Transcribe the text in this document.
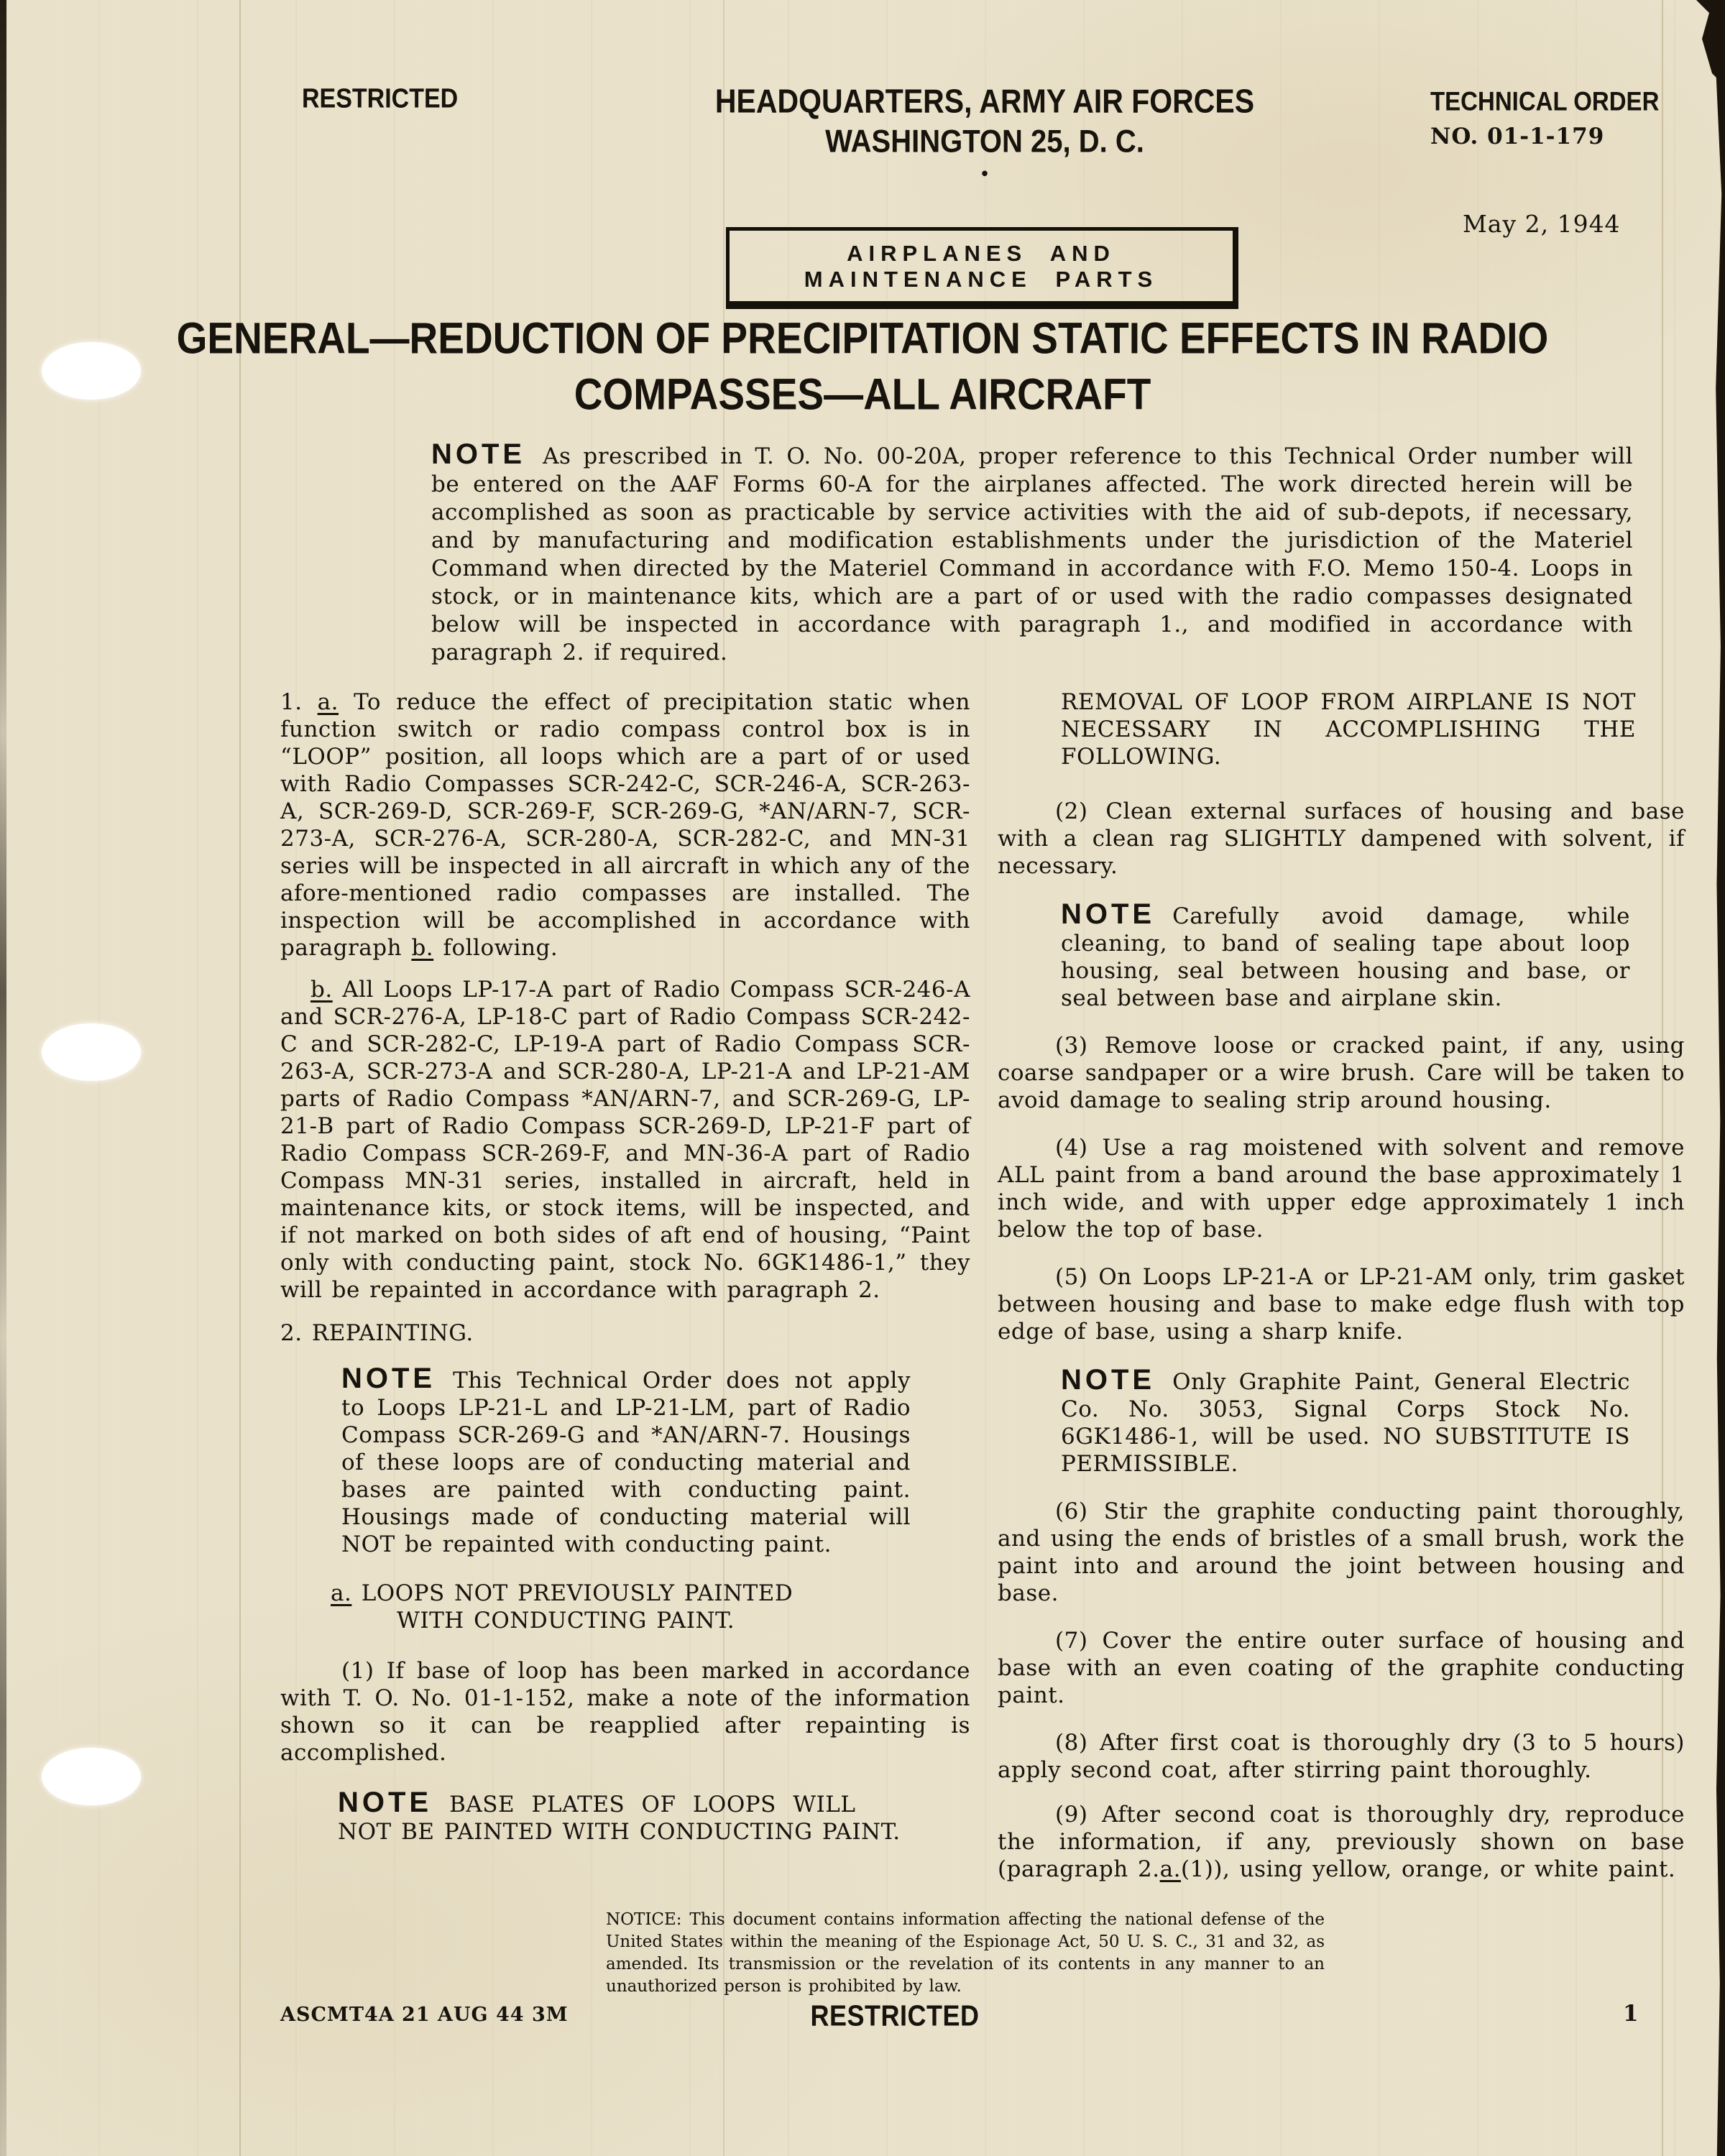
RESTRICTED	HEADQUARTERS, ARMY AIR FORCES
WASHINGTON 25, D. C.
•
TECHNICAL ORDER
NO. 01-1-179
May 2, 1944
AIRPLANES AND MAINTENANCE PARTS
GENERAL—REDUCTION OF PRECIPITATION STATIC EFFECTS IN RADIO
COMPASSES—ALL AIRCRAFT
NOTE As prescribed in T. O. No. 00-20A, proper reference to this Technical Order number will be entered on the AAF Forms 60-A for the airplanes affected. The work directed herein will be accomplished as soon as practicable by service activities with the aid of sub-depots, if necessary, and by manufacturing and modification establishments under the jurisdiction of the Materiel Command when directed by the Materiel Command in accordance with F.O. Memo 150-4. Loops in stock, or in maintenance kits, which are a part of or used with the radio compasses designated below will be inspected in accordance with paragraph 1., and modified in accordance with paragraph 2. if required.

1. a. To reduce the effect of precipitation static when function switch or radio compass control box is in “LOOP” position, all loops which are a part of or used with Radio Compasses SCR-242-C, SCR-246-A, SCR-263-A, SCR-269-D, SCR-269-F, SCR-269-G, *AN/ARN-7, SCR-273-A, SCR-276-A, SCR-280-A, SCR-282-C, and MN-31 series will be inspected in all aircraft in which any of the afore-mentioned radio compasses are installed. The inspection will be accomplished in accordance with paragraph b. following.

b. All Loops LP-17-A part of Radio Compass SCR-246-A and SCR-276-A, LP-18-C part of Radio Compass SCR-242-C and SCR-282-C, LP-19-A part of Radio Compass SCR-263-A, SCR-273-A and SCR-280-A, LP-21-A and LP-21-AM parts of Radio Compass *AN/ARN-7, and SCR-269-G, LP-21-B part of Radio Compass SCR-269-D, LP-21-F part of Radio Compass SCR-269-F, and MN-36-A part of Radio Compass MN-31 series, installed in aircraft, held in maintenance kits, or stock items, will be inspected, and if not marked on both sides of aft end of housing, “Paint only with conducting paint, stock No. 6GK1486-1,” they will be repainted in accordance with paragraph 2.

2. REPAINTING.

NOTE This Technical Order does not apply to Loops LP-21-L and LP-21-LM, part of Radio Compass SCR-269-G and *AN/ARN-7. Housings of these loops are of conducting material and bases are painted with conducting paint. Housings made of conducting material will NOT be repainted with conducting paint.
a. LOOPS NOT PREVIOUSLY PAINTED
WITH CONDUCTING PAINT.

(1) If base of loop has been marked in accordance with T. O. No. 01-1-152, make a note of the information shown so it can be reapplied after repainting is accomplished.

NOTE BASE PLATES OF LOOPS WILL
NOT BE PAINTED WITH CONDUCTING PAINT.
REMOVAL OF LOOP FROM AIRPLANE IS NOT NECESSARY IN ACCOMPLISHING THE FOLLOWING.

(2) Clean external surfaces of housing and base with a clean rag SLIGHTLY dampened with solvent, if necessary.

NOTE Carefully avoid damage, while cleaning, to band of sealing tape about loop housing, seal between housing and base, or seal between base and airplane skin.

(3) Remove loose or cracked paint, if any, using coarse sandpaper or a wire brush. Care will be taken to avoid damage to sealing strip around housing.

(4) Use a rag moistened with solvent and remove ALL paint from a band around the base approximately 1 inch wide, and with upper edge approximately 1 inch below the top of base.

(5) On Loops LP-21-A or LP-21-AM only, trim gasket between housing and base to make edge flush with top edge of base, using a sharp knife.

NOTE Only Graphite Paint, General Electric Co. No. 3053, Signal Corps Stock No. 6GK1486-1, will be used. NO SUBSTITUTE IS PERMISSIBLE.

(6) Stir the graphite conducting paint thoroughly, and using the ends of bristles of a small brush, work the paint into and around the joint between housing and base.

(7) Cover the entire outer surface of housing and base with an even coating of the graphite conducting paint.

(8) After first coat is thoroughly dry (3 to 5 hours) apply second coat, after stirring paint thoroughly.

(9) After second coat is thoroughly dry, reproduce the information, if any, previously shown on base (paragraph 2.a.(1)), using yellow, orange, or white paint.

NOTICE: This document contains information affecting the national defense of the United States within the meaning of the Espionage Act, 50 U. S. C., 31 and 32, as amended. Its transmission or the revelation of its contents in any manner to an unauthorized person is prohibited by law.
ASCMT4A 21 AUG 44 3M	RESTRICTED	1
